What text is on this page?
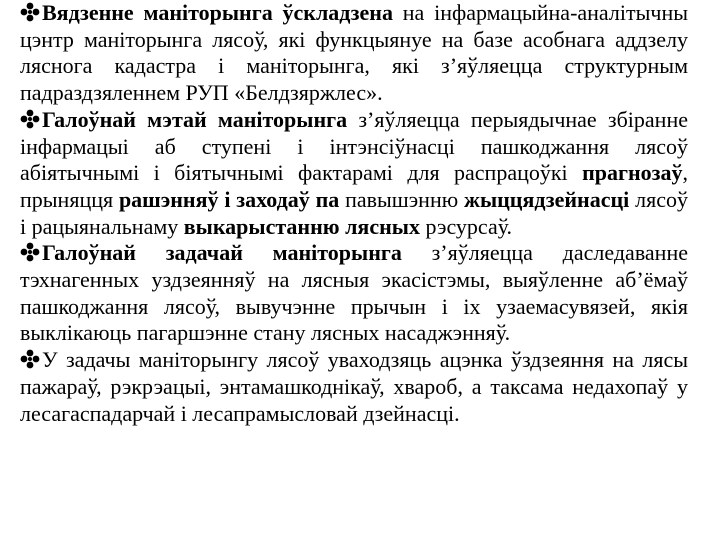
Вядзенне маніторынга ўскладзена на інфармацыйна-аналітычны цэнтр маніторынга лясоў, які функцыянуе на базе асобнага аддзелу ляснога кадастра і маніторынга, які з’яўляецца структурным падраздзяленнем РУП «Белдзяржлес».

Галоўнай мэтай маніторынга з’яўляецца перыядычнае збіранне інфармацыі аб ступені і інтэнсіўнасці пашкоджання лясоў абіятычнымі і біятычнымі фактарамі для распрацоўкі прагнозаў, прыняцця рашэнняў і заходаў па павышэнню жыццядзейнасці лясоў і рацыянальнаму выкарыстанню лясных рэсурсаў.

Галоўнай задачай маніторынга з’яўляецца даследаванне тэхнагенных уздзеянняў на лясныя экасістэмы, выяўленне аб’ёмаў пашкоджання лясоў, вывучэнне прычын і іх узаемасувязей, якія выклікаюць пагаршэнне стану лясных насаджэнняў.

У задачы маніторынгу лясоў уваходзяць ацэнка ўздзеяння на лясы пажараў, рэкрэацыі, энтамашкоднікаў, хвароб, а таксама недахопаў у лесагаспадарчай і лесапрамысловай дзейнасці.
